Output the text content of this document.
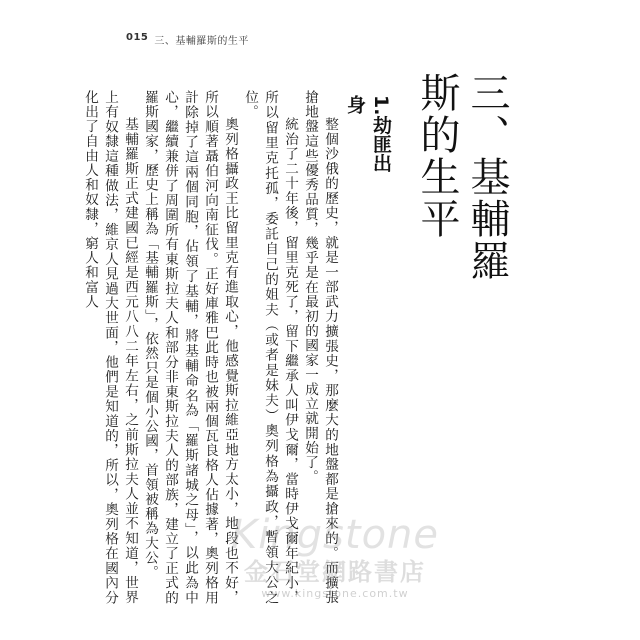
015 三、基輔羅斯的生平
三、基輔羅斯的生平
1.劫匪出身

整個沙俄的歷史，就是一部武力擴張史，那麼大的地盤都是搶來的。而擴張搶地盤這些優秀品質，幾乎是在最初的國家一成立就開始了。

統治了二十年後，留里克死了，留下繼承人叫伊戈爾，當時伊戈爾年紀小，所以留里克托孤，委託自己的姐夫（或者是妹夫）奧列格為攝政，暫領大公之位。

奧列格攝政王比留里克有進取心，他感覺斯拉維亞地方太小，地段也不好，所以順著聶伯河向南征伐。正好庫雅巴此時也被兩個瓦良格人佔據著，奧列格用計除掉了這兩個同胞，佔領了基輔，將基輔命名為「羅斯諸城之母」，以此為中心，繼續兼併了周圍所有東斯拉夫人和部分非東斯拉夫人的部族，建立了正式的羅斯國家，歷史上稱為「基輔羅斯」，依然只是個小公國，首領被稱為大公。

基輔羅斯正式建國已經是西元八八二年左右，之前斯拉夫人並不知道，世界上有奴隸這種做法，維京人見過大世面，他們是知道的，所以，奧列格在國內分化出了自由人和奴隸，窮人和富人

Kingstone
金石堂網路書店
www.kingstone.com.tw
